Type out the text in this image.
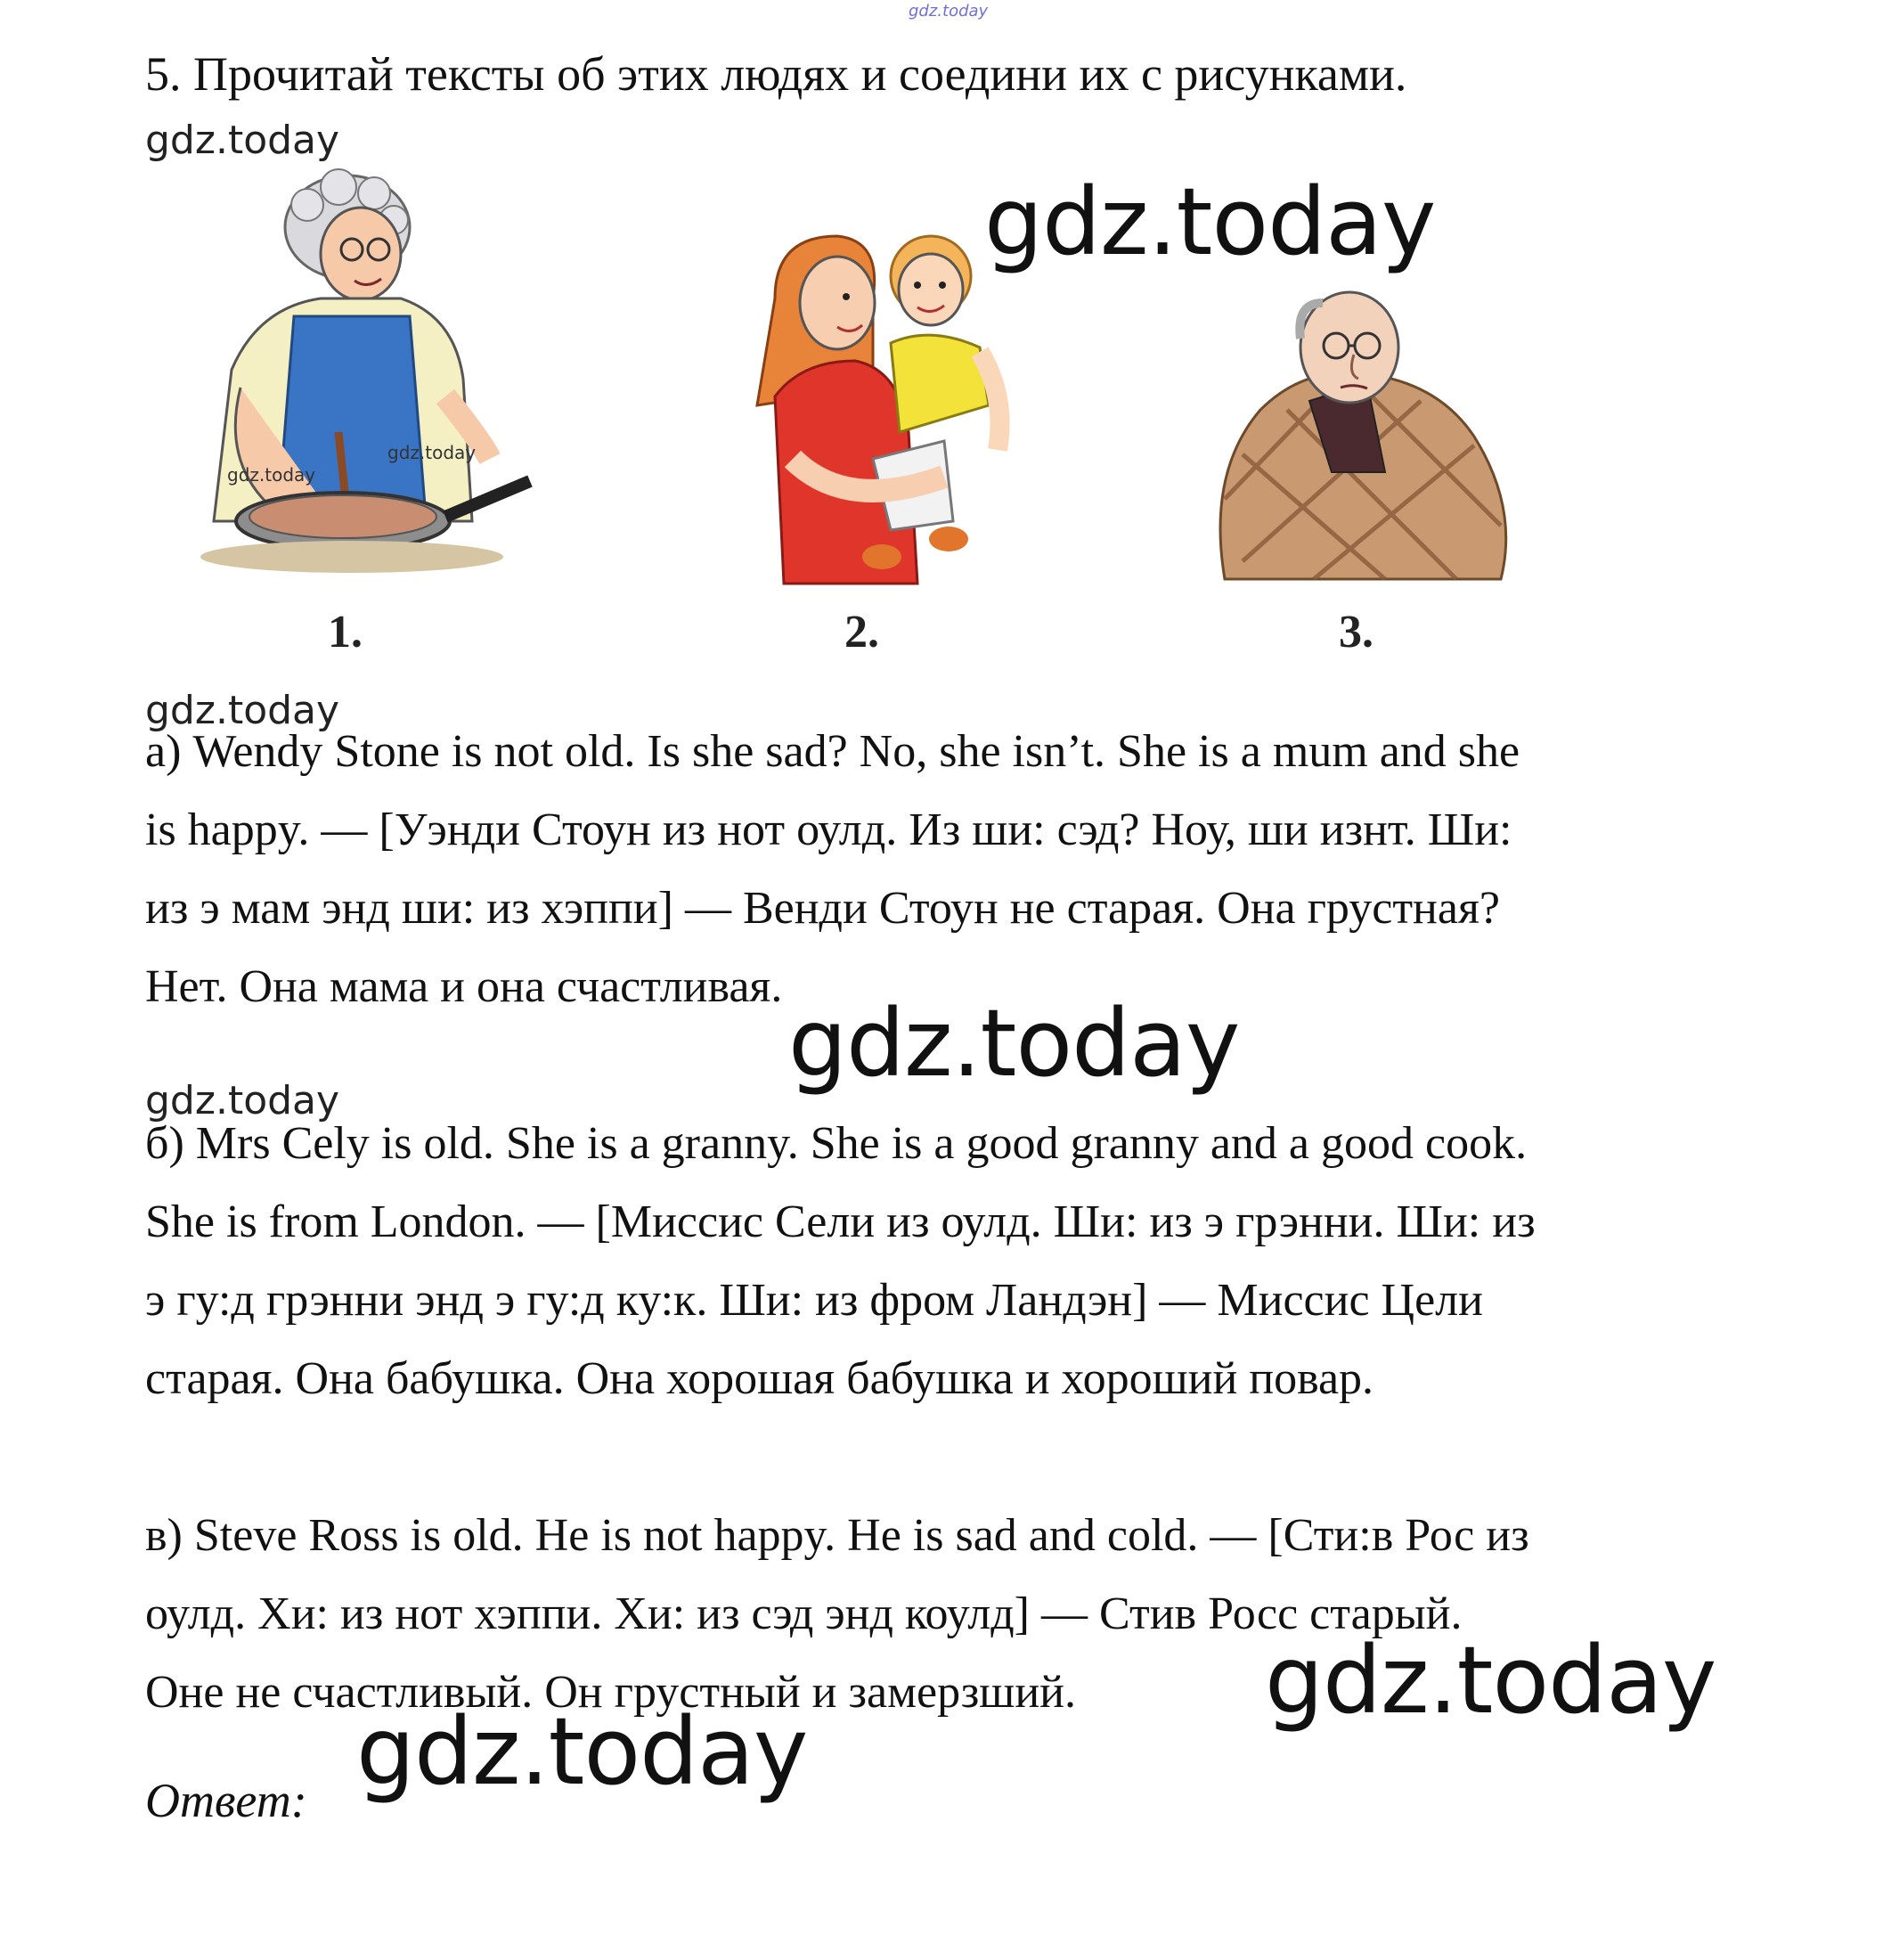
gdz.today
5. Прочитай тексты об этих людях и соедини их с рисунками.
gdz.today
gdz.today
gdz.today
gdz.today
1.	2.	3.
gdz.today
а) Wendy Stone is not old. Is she sad? No, she isn’t. She is a mum and she
is happy. — [Уэнди Стоун из нот оулд. Из ши: сэд? Ноу, ши изнт. Ши:
из э мам энд ши: из хэппи] — Венди Стоун не старая. Она грустная?
Нет. Она мама и она счастливая.
gdz.today
gdz.today
б) Mrs Cely is old. She is a granny. She is a good granny and a good cook.
She is from London. — [Миссис Сели из оулд. Ши: из э грэнни. Ши: из
э гу:д грэнни энд э гу:д ку:к. Ши: из фром Ландэн] — Миссис Цели
старая. Она бабушка. Она хорошая бабушка и хороший повар.
в) Steve Ross is old. He is not happy. He is sad and cold. — [Сти:в Рос из
оулд. Хи: из нот хэппи. Хи: из сэд энд коулд] — Стив Росс старый.
Оне не счастливый. Он грустный и замерзший.	gdz.today
Ответ: gdz.today
